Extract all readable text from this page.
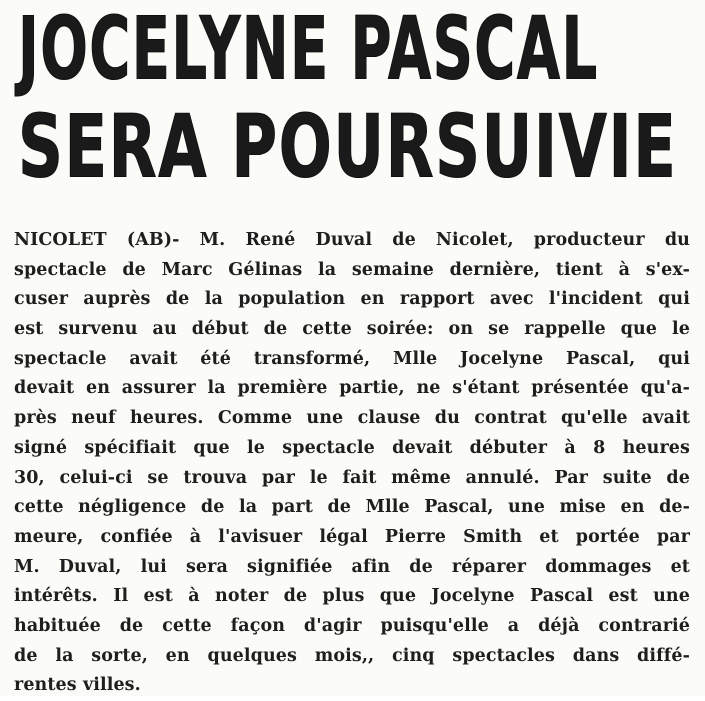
JOCELYNE PASCAL
SERA POURSUIVIE
NICOLET (AB)- M. René Duval de Nicolet, producteur du
spectacle de Marc Gélinas la semaine dernière, tient à s'ex-
cuser auprès de la population en rapport avec l'incident qui
est survenu au début de cette soirée: on se rappelle que le
spectacle avait été transformé, Mlle Jocelyne Pascal, qui
devait en assurer la première partie, ne s'étant présentée qu'a-
près neuf heures. Comme une clause du contrat qu'elle avait
signé spécifiait que le spectacle devait débuter à 8 heures
30, celui-ci se trouva par le fait même annulé. Par suite de
cette négligence de la part de Mlle Pascal, une mise en de-
meure, confiée à l'avisuer légal Pierre Smith et portée par
M. Duval, lui sera signifiée afin de réparer dommages et
intérêts. Il est à noter de plus que Jocelyne Pascal est une
habituée de cette façon d'agir puisqu'elle a déjà contrarié
de la sorte, en quelques mois,, cinq spectacles dans diffé-
rentes villes.
